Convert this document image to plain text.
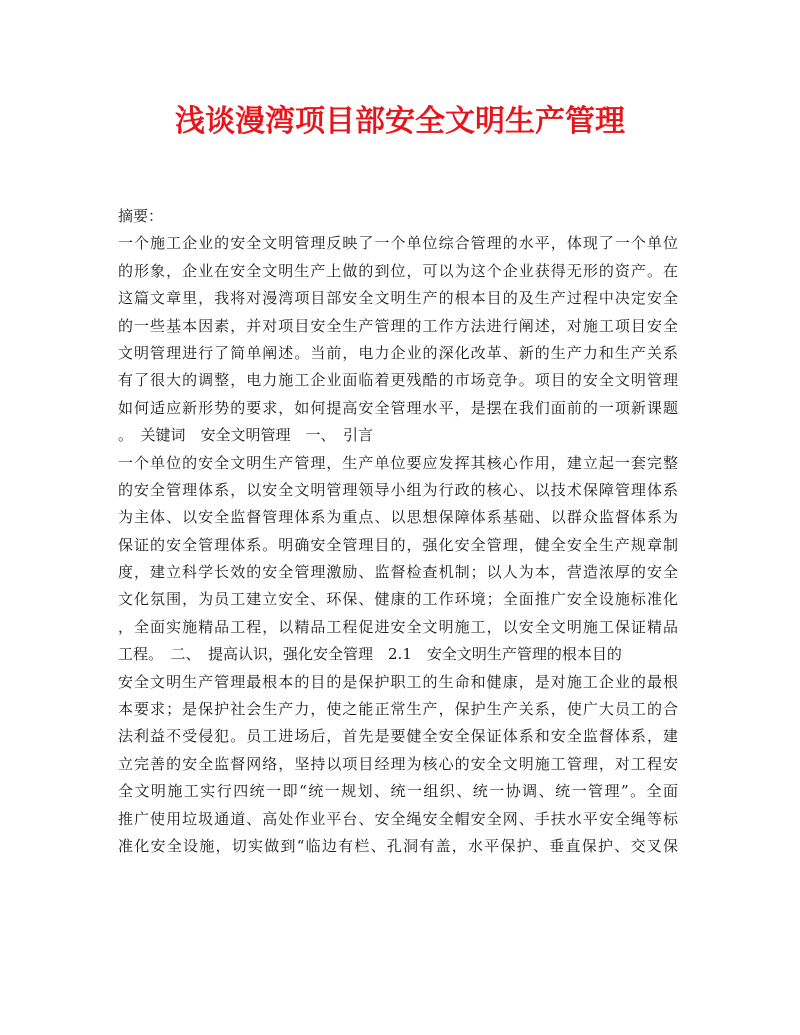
浅谈漫湾项目部安全文明生产管理
摘要：
一个施工企业的安全文明管理反映了一个单位综合管理的水平，体现了一个单位
的形象，企业在安全文明生产上做的到位，可以为这个企业获得无形的资产。在
这篇文章里，我将对漫湾项目部安全文明生产的根本目的及生产过程中决定安全
的一些基本因素，并对项目安全生产管理的工作方法进行阐述，对施工项目安全
文明管理进行了简单阐述。当前，电力企业的深化改革、新的生产力和生产关系
有了很大的调整，电力施工企业面临着更残酷的市场竞争。项目的安全文明管理
如何适应新形势的要求，如何提高安全管理水平，是摆在我们面前的一项新课题
。　关键词　安全文明管理　一、　引言
一个单位的安全文明生产管理，生产单位要应发挥其核心作用，建立起一套完整
的安全管理体系，以安全文明管理领导小组为行政的核心、以技术保障管理体系
为主体、以安全监督管理体系为重点、以思想保障体系基础、以群众监督体系为
保证的安全管理体系。明确安全管理目的，强化安全管理，健全安全生产规章制
度，建立科学长效的安全管理激励、监督检查机制；以人为本，营造浓厚的安全
文化氛围，为员工建立安全、环保、健康的工作环境；全面推广安全设施标准化
，全面实施精品工程，以精品工程促进安全文明施工，以安全文明施工保证精品
工程。　二、　提高认识，强化安全管理　2.1　安全文明生产管理的根本目的
安全文明生产管理最根本的目的是保护职工的生命和健康，是对施工企业的最根
本要求；是保护社会生产力，使之能正常生产，保护生产关系，使广大员工的合
法利益不受侵犯。员工进场后，首先是要健全安全保证体系和安全监督体系，建
立完善的安全监督网络，坚持以项目经理为核心的安全文明施工管理，对工程安
全文明施工实行四统一即“统一规划、统一组织、统一协调、统一管理”。全面
推广使用垃圾通道、高处作业平台、安全绳安全帽安全网、手扶水平安全绳等标
准化安全设施，切实做到“临边有栏、孔洞有盖，水平保护、垂直保护、交叉保
